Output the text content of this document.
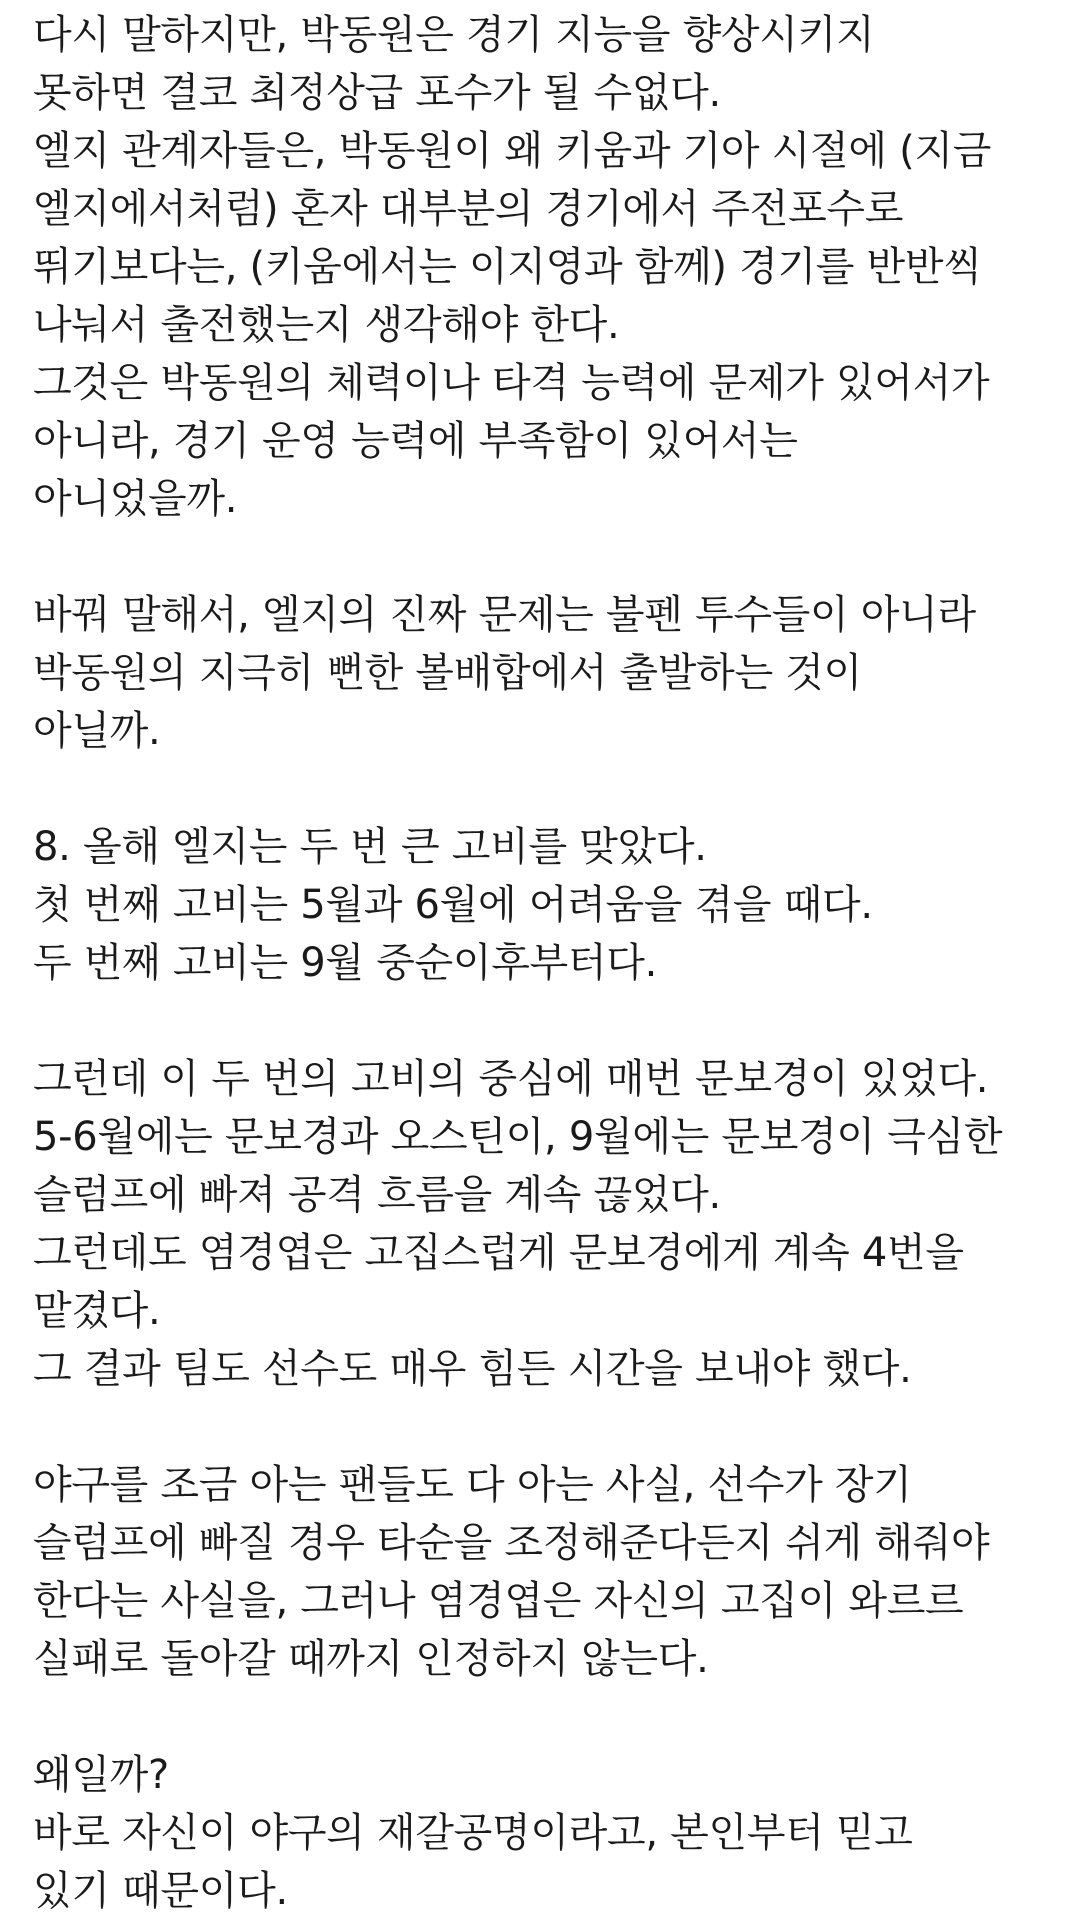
다시 말하지만, 박동원은 경기 지능을 향상시키지
못하면 결코 최정상급 포수가 될 수없다.
엘지 관계자들은, 박동원이 왜 키움과 기아 시절에 (지금
엘지에서처럼) 혼자 대부분의 경기에서 주전포수로
뛰기보다는, (키움에서는 이지영과 함께) 경기를 반반씩
나눠서 출전했는지 생각해야 한다.
그것은 박동원의 체력이나 타격 능력에 문제가 있어서가
아니라, 경기 운영 능력에 부족함이 있어서는
아니었을까.
바꿔 말해서, 엘지의 진짜 문제는 불펜 투수들이 아니라
박동원의 지극히 뻔한 볼배합에서 출발하는 것이
아닐까.
8. 올해 엘지는 두 번 큰 고비를 맞았다.
첫 번째 고비는 5월과 6월에 어려움을 겪을 때다.
두 번째 고비는 9월 중순이후부터다.
그런데 이 두 번의 고비의 중심에 매번 문보경이 있었다.
5-6월에는 문보경과 오스틴이, 9월에는 문보경이 극심한
슬럼프에 빠져 공격 흐름을 계속 끊었다.
그런데도 염경엽은 고집스럽게 문보경에게 계속 4번을
맡겼다.
그 결과 팀도 선수도 매우 힘든 시간을 보내야 했다.
야구를 조금 아는 팬들도 다 아는 사실, 선수가 장기
슬럼프에 빠질 경우 타순을 조정해준다든지 쉬게 해줘야
한다는 사실을, 그러나 염경엽은 자신의 고집이 와르르
실패로 돌아갈 때까지 인정하지 않는다.
왜일까?
바로 자신이 야구의 재갈공명이라고, 본인부터 믿고
있기 때문이다.
